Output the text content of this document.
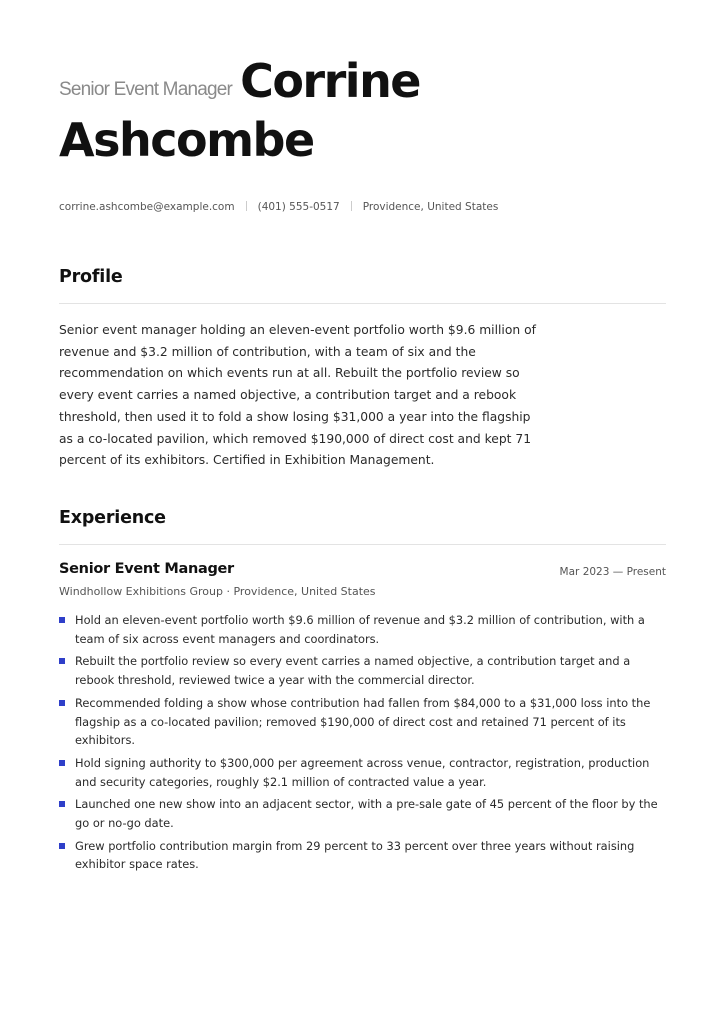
Senior Event Manager Corrine
Ashcombe
corrine.ashcombe@example.com (401) 555-0517 Providence, United States
Profile
Senior event manager holding an eleven-event portfolio worth $9.6 million of revenue and $3.2 million of contribution, with a team of six and the recommendation on which events run at all. Rebuilt the portfolio review so every event carries a named objective, a contribution target and a rebook threshold, then used it to fold a show losing $31,000 a year into the flagship as a co-located pavilion, which removed $190,000 of direct cost and kept 71 percent of its exhibitors. Certified in Exhibition Management.
Experience
Senior Event Manager	Mar 2023 — Present
Windhollow Exhibitions Group · Providence, United States
Hold an eleven-event portfolio worth $9.6 million of revenue and $3.2 million of contribution, with a team of six across event managers and coordinators.
Rebuilt the portfolio review so every event carries a named objective, a contribution target and a rebook threshold, reviewed twice a year with the commercial director.
Recommended folding a show whose contribution had fallen from $84,000 to a $31,000 loss into the flagship as a co-located pavilion; removed $190,000 of direct cost and retained 71 percent of its exhibitors.
Hold signing authority to $300,000 per agreement across venue, contractor, registration, production and security categories, roughly $2.1 million of contracted value a year.
Launched one new show into an adjacent sector, with a pre-sale gate of 45 percent of the floor by the go or no-go date.
Grew portfolio contribution margin from 29 percent to 33 percent over three years without raising exhibitor space rates.
